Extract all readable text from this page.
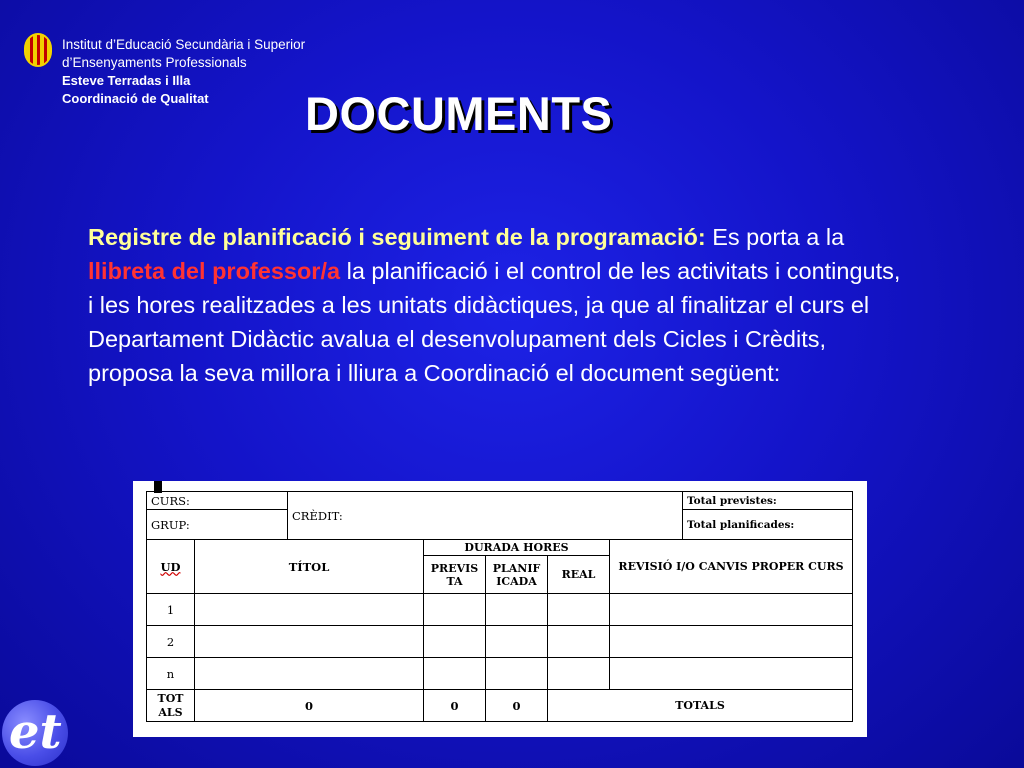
Institut d’Educació Secundària i Superior
d’Ensenyaments Professionals
Esteve Terradas i Illa
Coordinació de Qualitat	DOCUMENTS

Registre de planificació i seguiment de la programació: Es porta a la llibreta del professor/a la planificació i el control de les activitats i continguts, i les hores realitzades a les unitats didàctiques, ja que al finalitzar el curs el Departament Didàctic avalua el desenvolupament dels Cicles i Crèdits, proposa la seva millora i lliura a Coordinació el document següent:

CURS:		CRÈDIT:					Total previstes:
GRUP:							Total planificades:
UD	TÍTOL		DURADA HORES			REVISIÓ I/O CANVIS PROPER CURS	
			PREVIS TA	PLANIF ICADA	REAL		
1							
2							
n							
TOT ALS	0		0	0	TOTALS		
et
